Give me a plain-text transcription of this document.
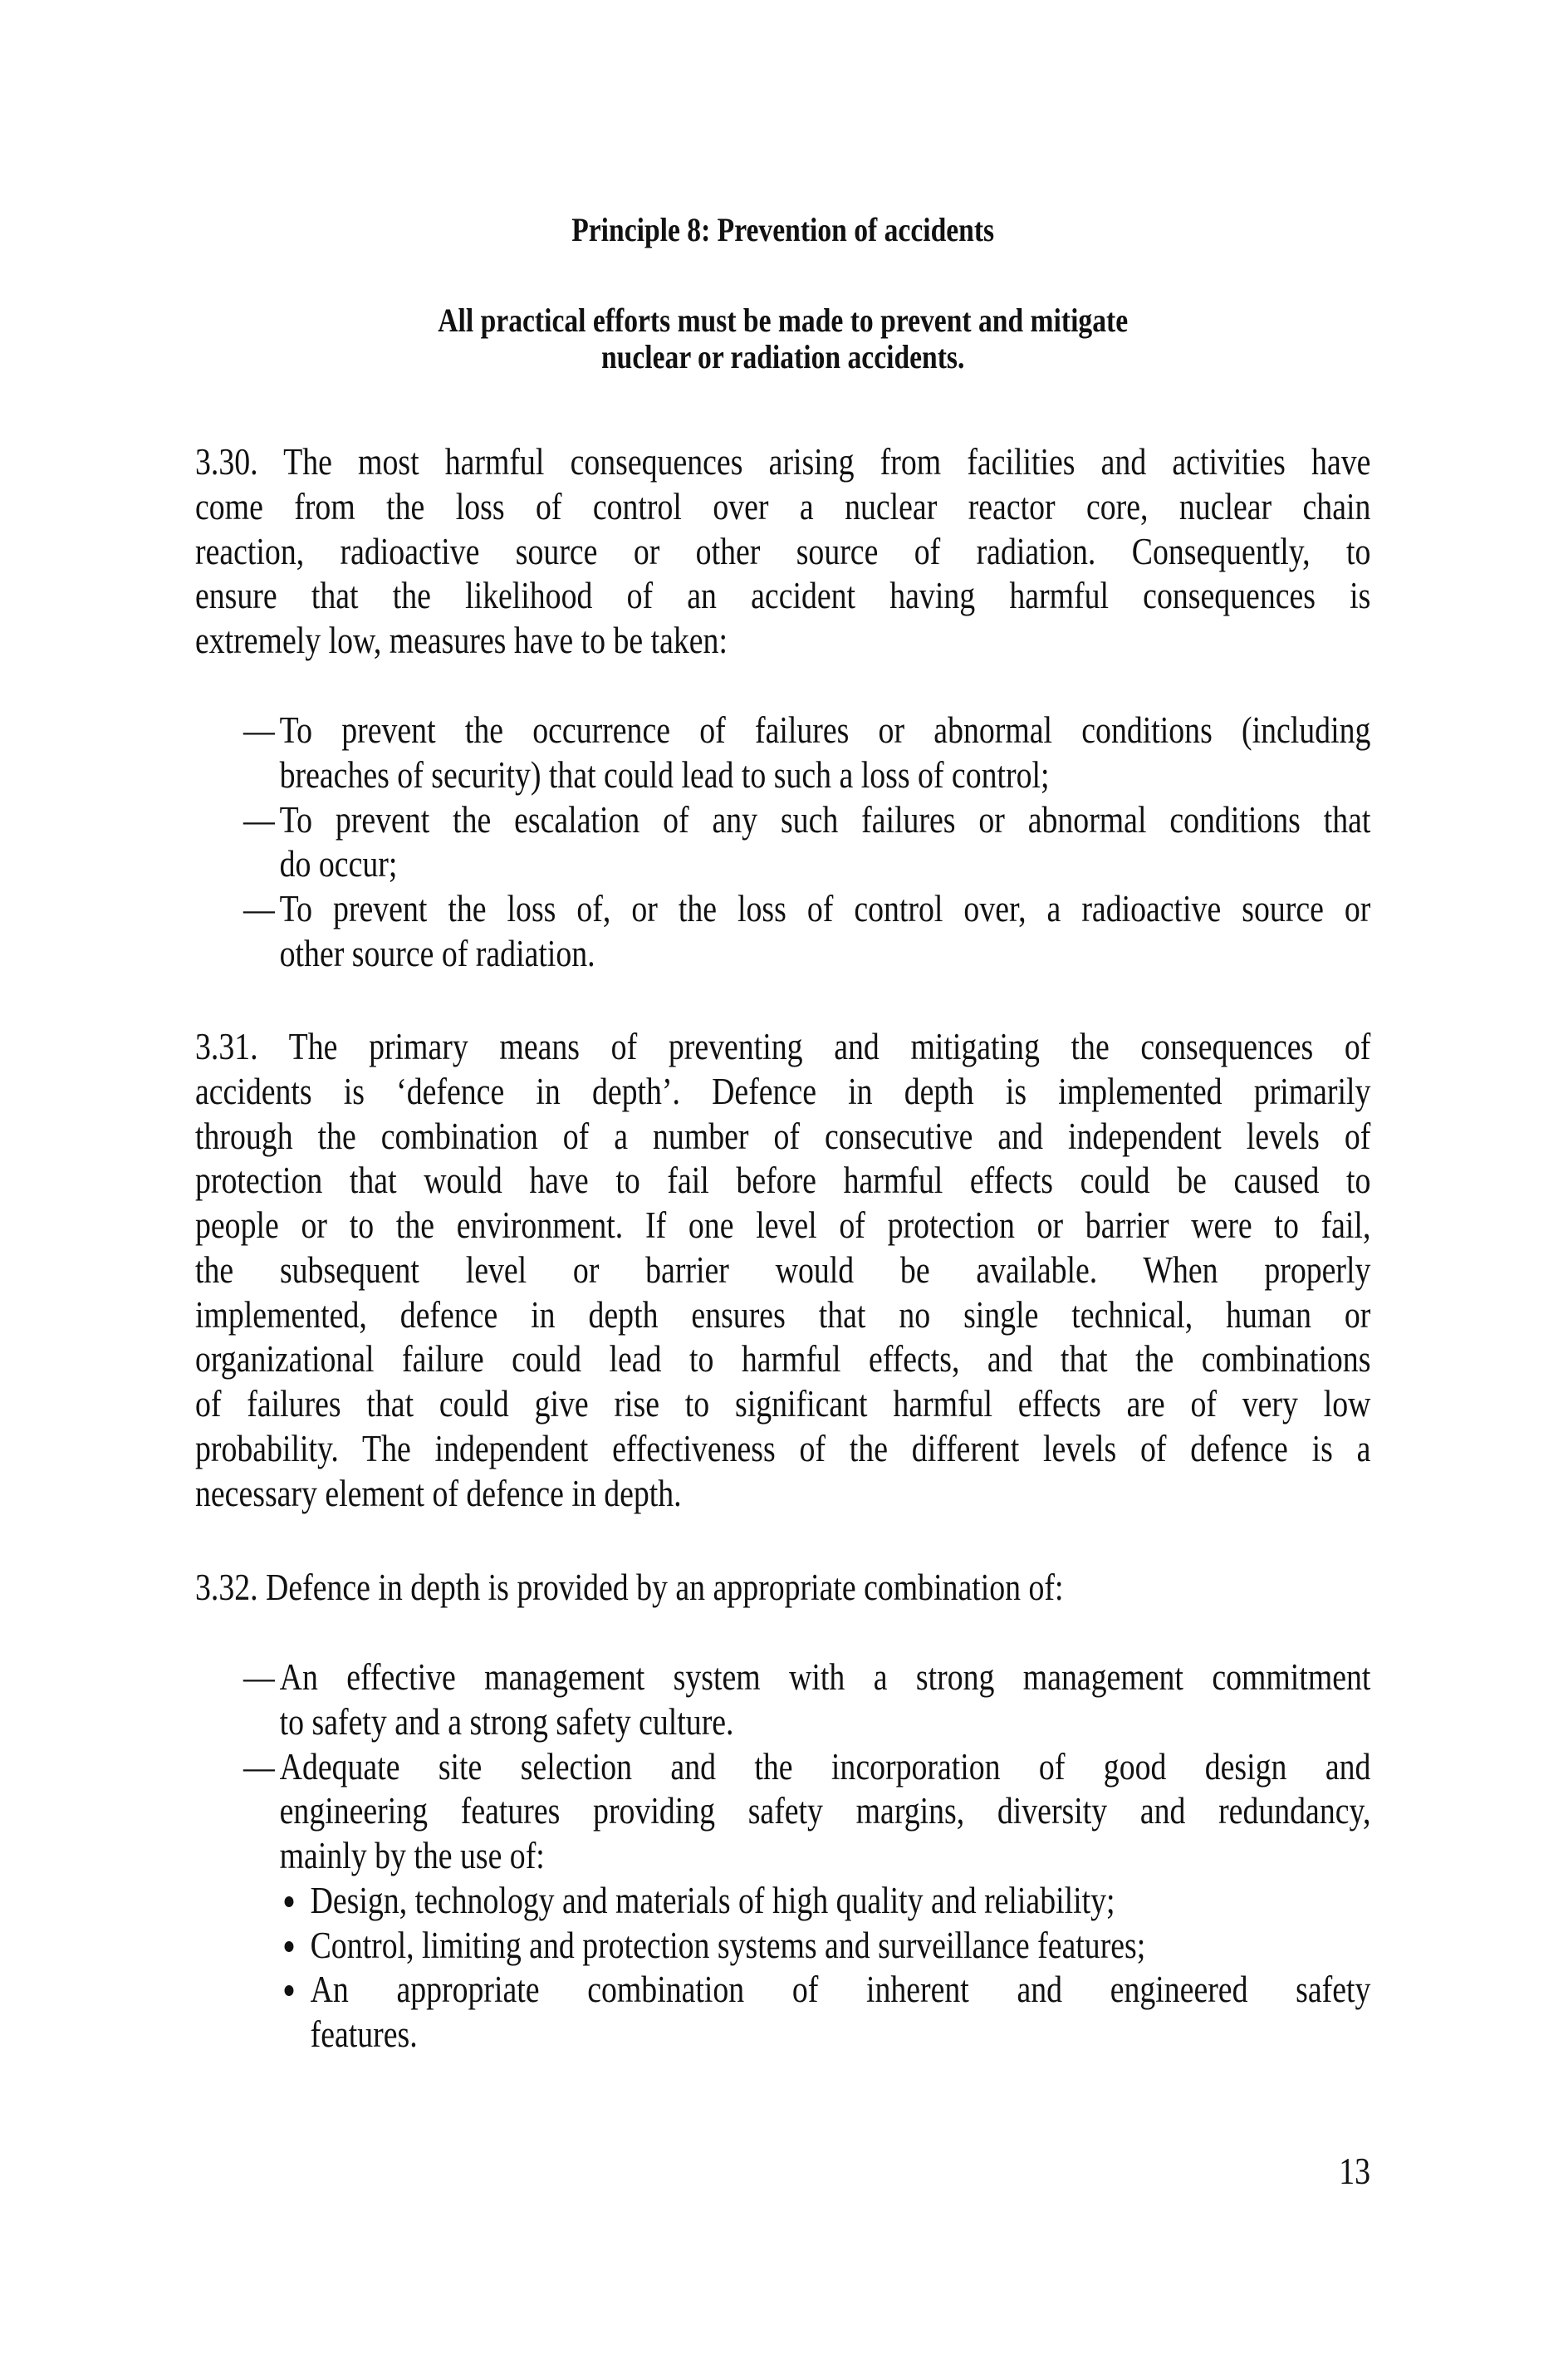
Principle 8: Prevention of accidents
All practical efforts must be made to prevent and mitigate
nuclear or radiation accidents.
3.30. The most harmful consequences arising from facilities and activities have
come from the loss of control over a nuclear reactor core, nuclear chain
reaction, radioactive source or other source of radiation. Consequently, to
ensure that the likelihood of an accident having harmful consequences is
extremely low, measures have to be taken:
— To prevent the occurrence of failures or abnormal conditions (including
breaches of security) that could lead to such a loss of control;
— To prevent the escalation of any such failures or abnormal conditions that
do occur;
— To prevent the loss of, or the loss of control over, a radioactive source or
other source of radiation.
3.31. The primary means of preventing and mitigating the consequences of
accidents is ‘defence in depth’. Defence in depth is implemented primarily
through the combination of a number of consecutive and independent levels of
protection that would have to fail before harmful effects could be caused to
people or to the environment. If one level of protection or barrier were to fail,
the subsequent level or barrier would be available. When properly
implemented, defence in depth ensures that no single technical, human or
organizational failure could lead to harmful effects, and that the combinations
of failures that could give rise to significant harmful effects are of very low
probability. The independent effectiveness of the different levels of defence is a
necessary element of defence in depth.
3.32. Defence in depth is provided by an appropriate combination of:
— An effective management system with a strong management commitment
to safety and a strong safety culture.
— Adequate site selection and the incorporation of good design and
engineering features providing safety margins, diversity and redundancy,
mainly by the use of:
Design, technology and materials of high quality and reliability;
Control, limiting and protection systems and surveillance features;
An appropriate combination of inherent and engineered safety
features.
13
